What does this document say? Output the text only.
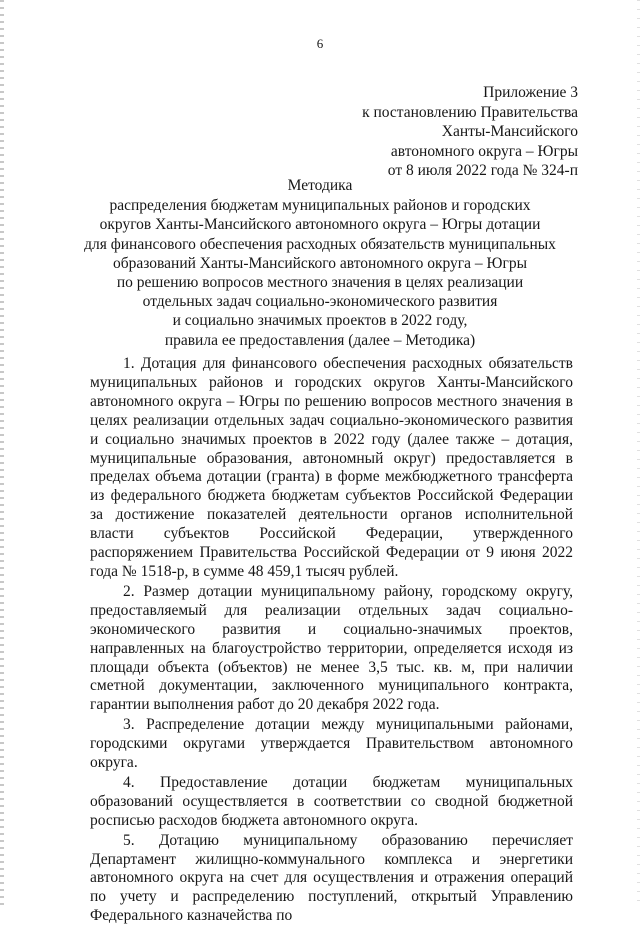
6
Приложение 3
к постановлению Правительства
Ханты-Мансийского
автономного округа – Югры
от 8 июля 2022 года № 324-п
Методика
распределения бюджетам муниципальных районов и городских
округов Ханты-Мансийского автономного округа – Югры дотации
для финансового обеспечения расходных обязательств муниципальных
образований Ханты-Мансийского автономного округа – Югры
по решению вопросов местного значения в целях реализации
отдельных задач социально-экономического развития
и социально значимых проектов в 2022 году,
правила ее предоставления (далее – Методика)

1. Дотация для финансового обеспечения расходных обязательств муниципальных районов и городских округов Ханты-Мансийского автономного округа – Югры по решению вопросов местного значения в целях реализации отдельных задач социально-экономического развития и социально значимых проектов в 2022 году (далее также – дотация, муниципальные образования, автономный округ) предоставляется в пределах объема дотации (гранта) в форме межбюджетного трансферта из федерального бюджета бюджетам субъектов Российской Федерации за достижение показателей деятельности органов исполнительной власти субъектов Российской Федерации, утвержденного распоряжением Правительства Российской Федерации от 9 июня 2022 года № 1518-р, в сумме 48 459,1 тысяч рублей.

2. Размер дотации муниципальному району, городскому округу, предоставляемый для реализации отдельных задач социально-экономического развития и социально-значимых проектов, направленных на благоустройство территории, определяется исходя из площади объекта (объектов) не менее 3,5 тыс. кв. м, при наличии сметной документации, заключенного муниципального контракта, гарантии выполнения работ до 20 декабря 2022 года.

3. Распределение дотации между муниципальными районами, городскими округами утверждается Правительством автономного округа.

4. Предоставление дотации бюджетам муниципальных образований осуществляется в соответствии со сводной бюджетной росписью расходов бюджета автономного округа.

5. Дотацию муниципальному образованию перечисляет Департамент жилищно-коммунального комплекса и энергетики автономного округа на счет для осуществления и отражения операций по учету и распределению поступлений, открытый Управлению Федерального казначейства по
